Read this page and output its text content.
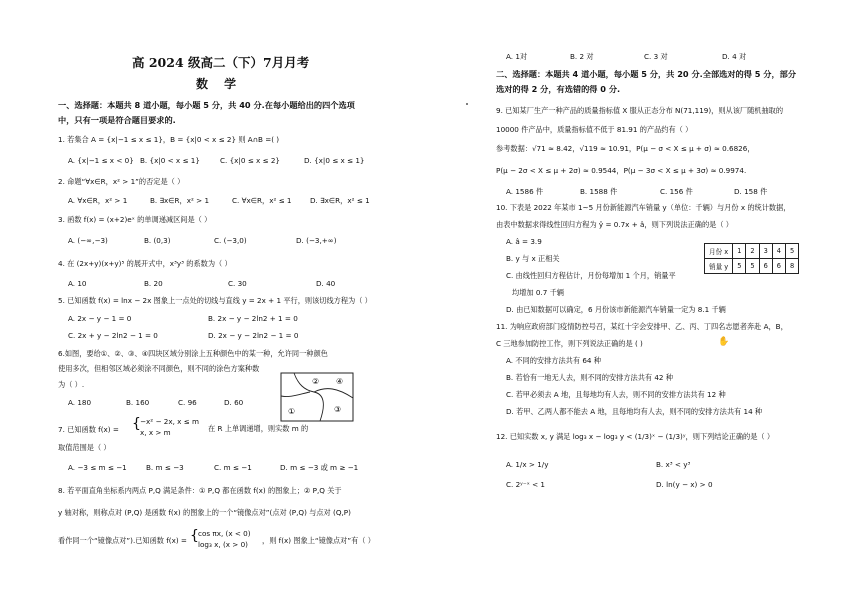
高 2024 级高二（下）7月月考
数 学
一、选择题：本题共 8 道小题，每小题 5 分，共 40 分.在每小题给出的四个选项
中，只有一项是符合题目要求的.
1. 若集合 A = {x|−1 ≤ x ≤ 1}，B = {x|0 < x ≤ 2} 则 A∩B =( )
A. {x|−1 ≤ x < 0} B. {x|0 < x ≤ 1}	C. {x|0 ≤ x ≤ 2}	D. {x|0 ≤ x ≤ 1}
2. 命题“∀x∈R，x² > 1”的否定是（ ）
A. ∀x∈R，x² > 1	B. ∃x∈R，x² > 1	C. ∀x∈R，x² ≤ 1	D. ∃x∈R，x² ≤ 1
3. 函数 f(x) = (x+2)eˣ 的单调递减区间是（ ）
A. (−∞,−3)	B. (0,3)	C. (−3,0)	D. (−3,+∞)
4. 在 (2x+y)(x+y)⁵ 的展开式中，x³y³ 的系数为（ ）
A. 10	B. 20	C. 30	D. 40
5. 已知函数 f(x) = lnx − 2x 图象上一点处的切线与直线 y = 2x + 1 平行，则该切线方程为（ ）
A. 2x − y − 1 = 0	B. 2x − y − 2ln2 + 1 = 0
C. 2x + y − 2ln2 − 1 = 0	D. 2x − y − 2ln2 − 1 = 0
6.如图，要给①、②、③、④四块区域分别涂上五种颜色中的某一种，允许同一种颜色
使用多次，但相邻区域必须涂不同颜色，则不同的涂色方案种数
为（ ）.
A. 180	B. 160	C. 96	D. 60
①
②
③
④
7. 已知函数 f(x) = { −x² − 2x, x ≤ m
x, x > m	在 R 上单调递增，则实数 m 的
取值范围是（ ）
A. −3 ≤ m ≤ −1	B. m ≤ −3	C. m ≤ −1	D. m ≤ −3 或 m ≥ −1
8. 若平面直角坐标系内两点 P,Q 满足条件：① P,Q 都在函数 f(x) 的图象上；② P,Q 关于
y 轴对称，则称点对 (P,Q) 是函数 f(x) 的图象上的一个“镜像点对”(点对 (P,Q) 与点对 (Q,P)
看作同一个“镜像点对”).已知函数 f(x) = { cos πx, (x < 0)
log₃ x, (x > 0) ，则 f(x) 图象上“镜像点对”有（ ）
A. 1对	B. 2 对	C. 3 对	D. 4 对
二、选择题：本题共 4 道小题，每小题 5 分，共 20 分.全部选对的得 5 分，部分
选对的得 2 分，有选错的得 0 分.
9. 已知某厂生产一种产品的质量指标值 X 服从正态分布 N(71,119)，则从该厂随机抽取的
10000 件产品中，质量指标值不低于 81.91 的产品约有（ ）
参考数据：√71 ≈ 8.42，√119 ≈ 10.91，P(μ − σ < X ≤ μ + σ) ≈ 0.6826，
P(μ − 2σ < X ≤ μ + 2σ) ≈ 0.9544，P(μ − 3σ < X ≤ μ + 3σ) ≈ 0.9974.
A. 1586 件	B. 1588 件	C. 156 件	D. 158 件
10. 下表是 2022 年某市 1~5 月份新能源汽车销量 y（单位：千辆）与月份 x 的统计数据，
由表中数据求得线性回归方程为 ŷ = 0.7x + â，则下列说法正确的是（ ）
A. â = 3.9
B. y 与 x 正相关
C. 由线性回归方程估计，月份每增加 1 个月，销量平
均增加 0.7 千辆
D. 由已知数据可以确定，6 月份该市新能源汽车销量一定为 8.1 千辆
月份 x	1	2	3	4	5
销量 y	5	5	6	6	8
11. 为响应政府部门疫情防控号召，某红十字会安排甲、乙、丙、丁四名志愿者奔赴 A，B，
C 三地参加防控工作，则下列说法正确的是 ( )	✋
A. 不同的安排方法共有 64 种
B. 若恰有一地无人去，则不同的安排方法共有 42 种
C. 若甲必须去 A 地，且每地均有人去，则不同的安排方法共有 12 种
D. 若甲、乙两人都不能去 A 地，且每地均有人去，则不同的安排方法共有 14 种
12. 已知实数 x, y 满足 log₃ x − log₃ y < (1/3)ˣ − (1/3)ʸ，则下列结论正确的是（ ）
A. 1/x > 1/y	B. x³ < y³
C. 2ʸ⁻ˣ < 1	D. ln(y − x) > 0
